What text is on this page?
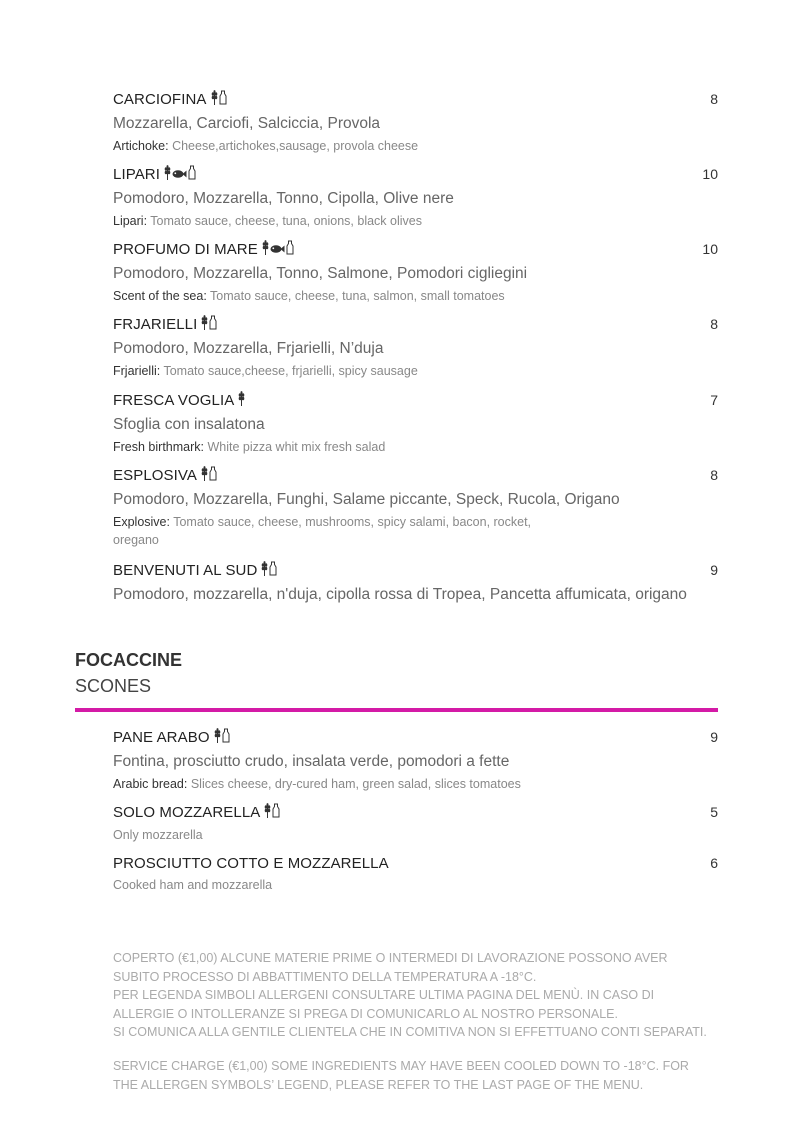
CARCIOFINA	8
Mozzarella, Carciofi, Salciccia, Provola
Artichoke: Cheese,artichokes,sausage, provola cheese
LIPARI	10
Pomodoro, Mozzarella, Tonno, Cipolla, Olive nere
Lipari: Tomato sauce, cheese, tuna, onions, black olives
PROFUMO DI MARE	10
Pomodoro, Mozzarella, Tonno, Salmone, Pomodori cigliegini
Scent of the sea: Tomato sauce, cheese, tuna, salmon, small tomatoes
FRJARIELLI	8
Pomodoro, Mozzarella, Frjarielli, N’duja
Frjarielli: Tomato sauce,cheese, frjarielli, spicy sausage
FRESCA VOGLIA	7
Sfoglia con insalatona
Fresh birthmark: White pizza whit mix fresh salad
ESPLOSIVA	8
Pomodoro, Mozzarella, Funghi, Salame piccante, Speck, Rucola, Origano
Explosive: Tomato sauce, cheese, mushrooms, spicy salami, bacon, rocket, oregano
BENVENUTI AL SUD	9
Pomodoro, mozzarella, n'duja, cipolla rossa di Tropea, Pancetta affumicata, origano
FOCACCINE
SCONES
PANE ARABO	9
Fontina, prosciutto crudo, insalata verde, pomodori a fette
Arabic bread: Slices cheese, dry-cured ham, green salad, slices tomatoes
SOLO MOZZARELLA	5
Only mozzarella
PROSCIUTTO COTTO E MOZZARELLA	6
Cooked ham and mozzarella
COPERTO (€1,00) ALCUNE MATERIE PRIME O INTERMEDI DI LAVORAZIONE POSSONO AVER SUBITO PROCESSO DI ABBATTIMENTO DELLA TEMPERATURA A -18°C.
PER LEGENDA SIMBOLI ALLERGENI CONSULTARE ULTIMA PAGINA DEL MENÙ. IN CASO DI ALLERGIE O INTOLLERANZE SI PREGA DI COMUNICARLO AL NOSTRO PERSONALE.
SI COMUNICA ALLA GENTILE CLIENTELA CHE IN COMITIVA NON SI EFFETTUANO CONTI SEPARATI.
SERVICE CHARGE (€1,00) SOME INGREDIENTS MAY HAVE BEEN COOLED DOWN TO -18°C. FOR THE ALLERGEN SYMBOLS’ LEGEND, PLEASE REFER TO THE LAST PAGE OF THE MENU.
